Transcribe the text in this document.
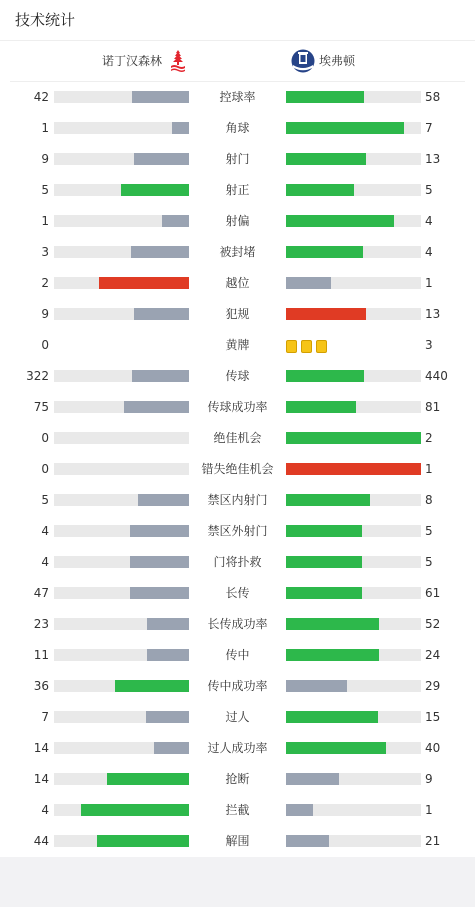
技术统计
诺丁汉森林	埃弗顿
42	控球率	58
1	角球	7
9	射门	13
5	射正	5
1	射偏	4
3	被封堵	4
2	越位	1
9	犯规	13
0	黄牌	3
322	传球	440
75	传球成功率	81
0	绝佳机会	2
0	错失绝佳机会	1
5	禁区内射门	8
4	禁区外射门	5
4	门将扑救	5
47	长传	61
23	长传成功率	52
11	传中	24
36	传中成功率	29
7	过人	15
14	过人成功率	40
14	抢断	9
4	拦截	1
44	解围	21
